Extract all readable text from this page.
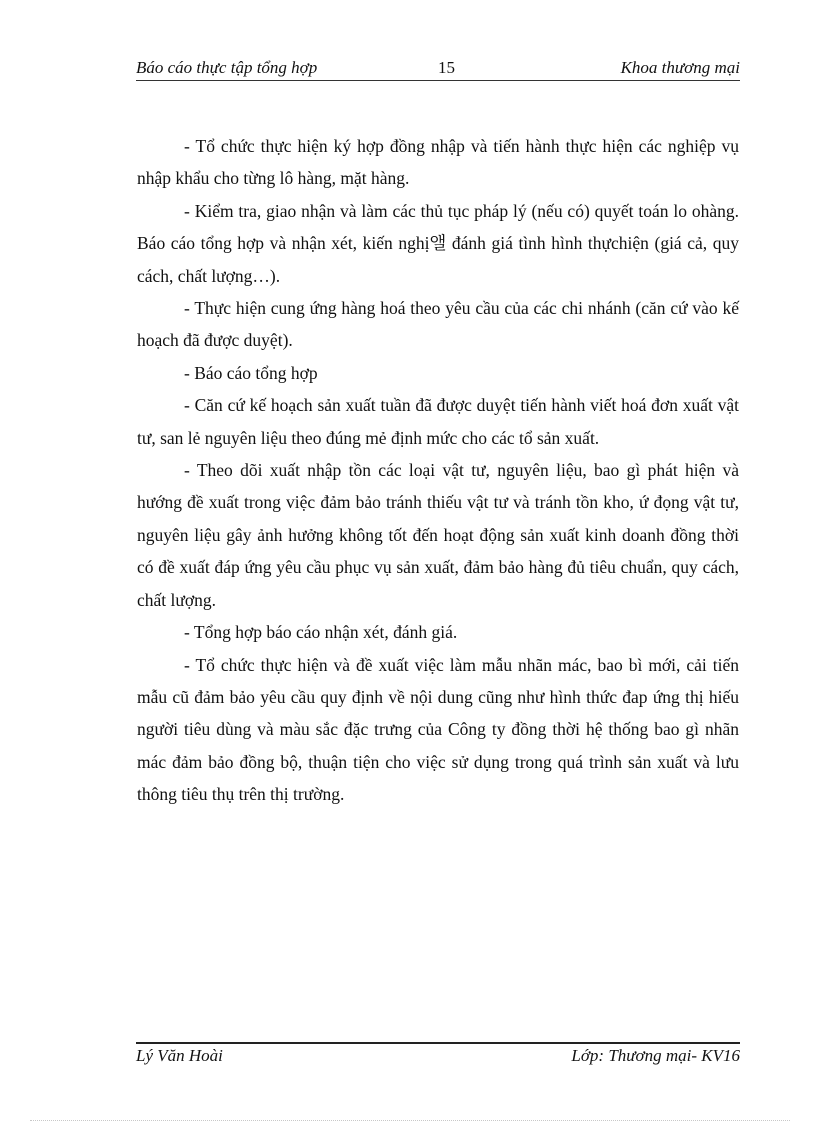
Báo cáo thực tập tổng hợp	15	Khoa thương mại

- Tổ chức thực hiện ký hợp đồng nhập và tiến hành thực hiện các nghiệp vụ nhập khẩu cho từng lô hàng, mặt hàng.

- Kiểm tra, giao nhận và làm các thủ tục pháp lý (nếu có) quyết toán lo ohàng. Báo cáo tổng hợp và nhận xét, kiến nghị앨 đánh giá tình hình thựchiện (giá cả, quy cách, chất lượng…).

- Thực hiện cung ứng hàng hoá theo yêu cầu của các chi nhánh (căn cứ vào kế hoạch đã được duyệt).

- Báo cáo tổng hợp

- Căn cứ kế hoạch sản xuất tuần đã được duyệt tiến hành viết hoá đơn xuất vật tư, san lẻ nguyên liệu theo đúng mẻ định mức cho các tổ sản xuất.

- Theo dõi xuất nhập tồn các loại vật tư, nguyên liệu, bao gì phát hiện và hướng đề xuất trong việc đảm bảo tránh thiếu vật tư và tránh tồn kho, ứ đọng vật tư, nguyên liệu gây ảnh hưởng không tốt đến hoạt động sản xuất kinh doanh đồng thời có đề xuất đáp ứng yêu cầu phục vụ sản xuất, đảm bảo hàng đủ tiêu chuẩn, quy cách, chất lượng.

- Tổng hợp báo cáo nhận xét, đánh giá.

- Tổ chức thực hiện và đề xuất việc làm mẫu nhãn mác, bao bì mới, cải tiến mẫu cũ đảm bảo yêu cầu quy định về nội dung cũng như hình thức đap ứng thị hiếu người tiêu dùng và màu sắc đặc trưng của Công ty đồng thời hệ thống bao gì nhãn mác đảm bảo đồng bộ, thuận tiện cho việc sử dụng trong quá trình sản xuất và lưu thông tiêu thụ trên thị trường.

Lý Văn Hoài	Lớp: Thương mại- KV16
